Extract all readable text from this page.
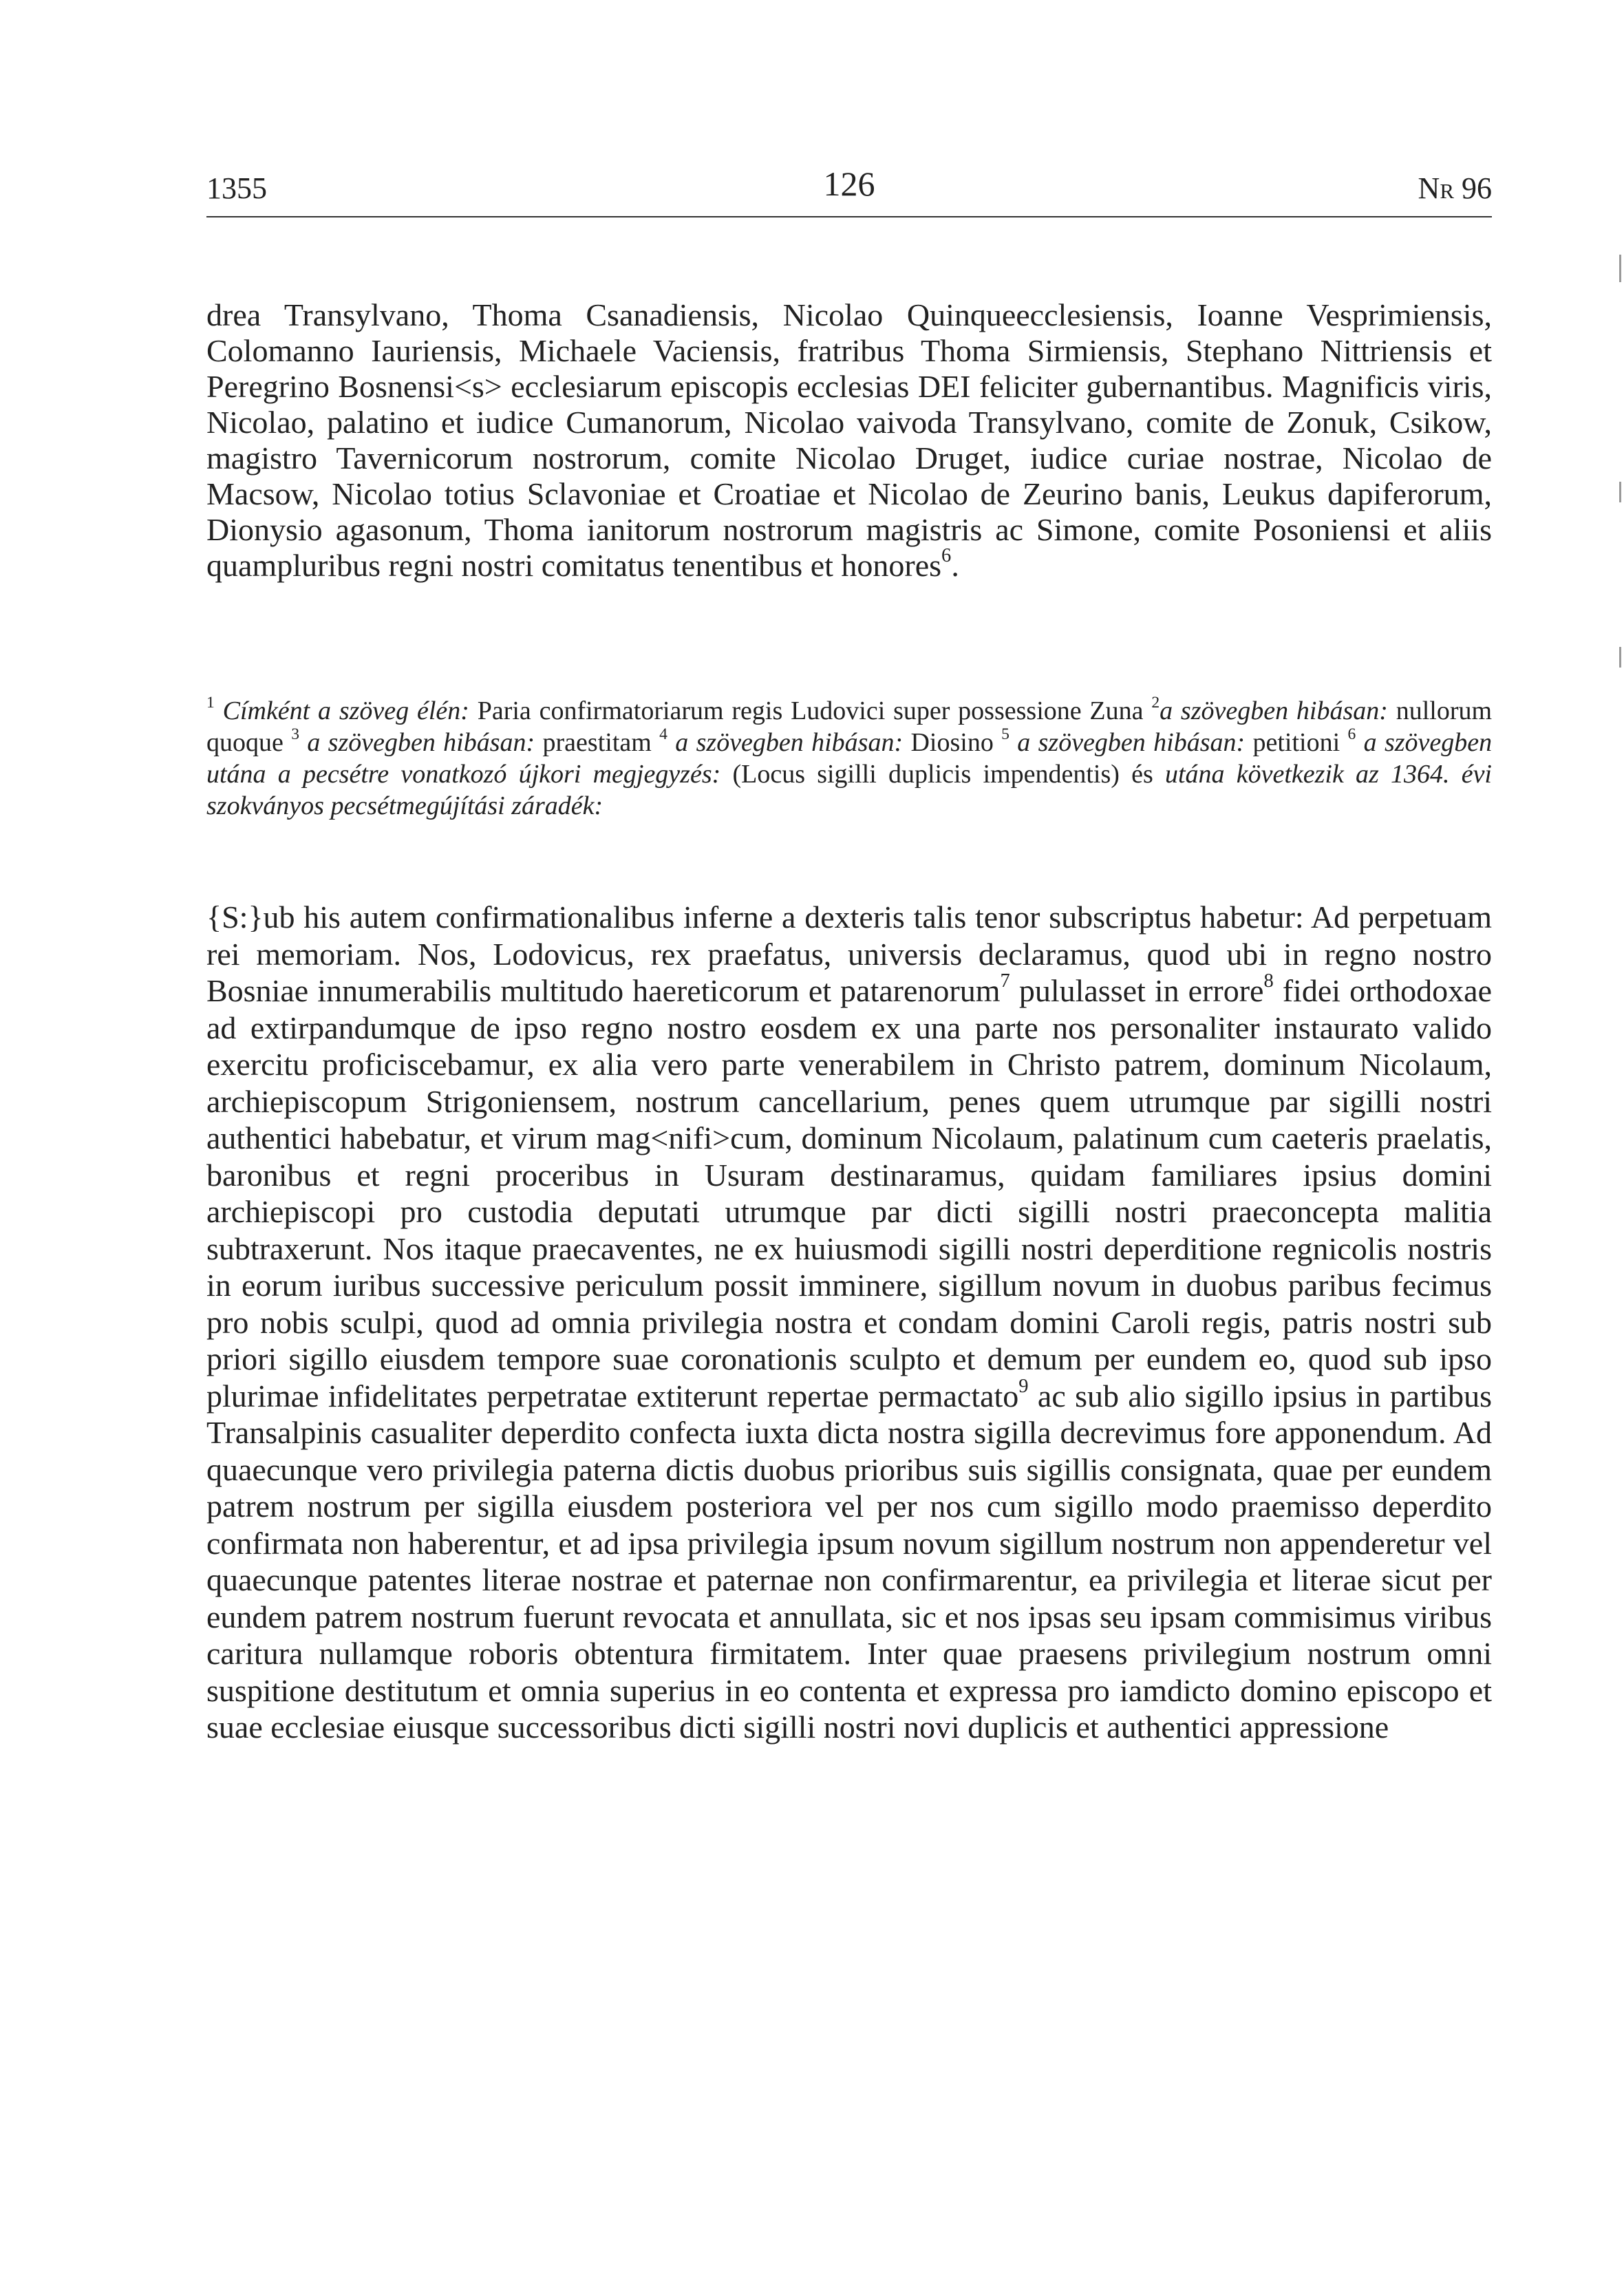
1355	126	Nr 96
drea Transylvano, Thoma Csanadiensis, Nicolao Quinqueecclesiensis, Ioanne Vesprimiensis, Colomanno Iauriensis, Michaele Vaciensis, fratribus Thoma Sirmiensis, Stephano Nittriensis et Peregrino Bosnensi<s> ecclesiarum episcopis ecclesias DEI feliciter gubernantibus. Magnificis viris, Nicolao, palatino et iudice Cumanorum, Nicolao vaivoda Transylvano, comite de Zonuk, Csikow, magistro Tavernicorum nostrorum, comite Nicolao Druget, iudice curiae nostrae, Nicolao de Macsow, Nicolao totius Sclavoniae et Croatiae et Nicolao de Zeurino banis, Leukus dapiferorum, Dionysio agasonum, Thoma ianitorum nostrorum magistris ac Simone, comite Posoniensi et aliis quampluribus regni nostri comitatus tenentibus et honores$^6$.
$^1$ Címként a szöveg élén: Paria confirmatoriarum regis Ludovici super possessione Zuna $^2$a szövegben hibásan: nullorum quoque $^3$ a szövegben hibásan: praestitam $^4$ a szövegben hibásan: Diosino $^5$ a szövegben hibásan: petitioni $^6$ a szövegben utána a pecsétre vonatkozó újkori megjegyzés: (Locus sigilli duplicis impendentis) és utána következik az 1364. évi szokványos pecsétmegújítási záradék:
{S:}ub his autem confirmationalibus inferne a dexteris talis tenor subscriptus habetur: Ad perpetuam rei memoriam. Nos, Lodovicus, rex praefatus, universis declaramus, quod ubi in regno nostro Bosniae innumerabilis multitudo haereticorum et patarenorum$^7$ pululasset in errore$^8$ fidei orthodoxae ad extirpandumque de ipso regno nostro eosdem ex una parte nos personaliter instaurato valido exercitu proficiscebamur, ex alia vero parte venerabilem in Christo patrem, dominum Nicolaum, archiepiscopum Strigoniensem, nostrum cancellarium, penes quem utrumque par sigilli nostri authentici habebatur, et virum mag<nifi>cum, dominum Nicolaum, palatinum cum caeteris praelatis, baronibus et regni proceribus in Usuram destinaramus, quidam familiares ipsius domini archiepiscopi pro custodia deputati utrumque par dicti sigilli nostri praeconcepta malitia subtraxerunt. Nos itaque praecaventes, ne ex huiusmodi sigilli nostri deperditione regnicolis nostris in eorum iuribus successive periculum possit imminere, sigillum novum in duobus paribus fecimus pro nobis sculpi, quod ad omnia privilegia nostra et condam domini Caroli regis, patris nostri sub priori sigillo eiusdem tempore suae coronationis sculpto et demum per eundem eo, quod sub ipso plurimae infidelitates perpetratae extiterunt repertae permactato$^9$ ac sub alio sigillo ipsius in partibus Transalpinis casualiter deperdito confecta iuxta dicta nostra sigilla decrevimus fore apponendum. Ad quaecunque vero privilegia paterna dictis duobus prioribus suis sigillis consignata, quae per eundem patrem nostrum per sigilla eiusdem posteriora vel per nos cum sigillo modo praemisso deperdito confirmata non haberentur, et ad ipsa privilegia ipsum novum sigillum nostrum non appenderetur vel quaecunque patentes literae nostrae et paternae non confirmarentur, ea privilegia et literae sicut per eundem patrem nostrum fuerunt revocata et annullata, sic et nos ipsas seu ipsam commisimus viribus caritura nullamque roboris obtentura firmitatem. Inter quae praesens privilegium nostrum omni suspitione destitutum et omnia superius in eo contenta et expressa pro iamdicto domino episcopo et suae ecclesiae eiusque successoribus dicti sigilli nostri novi duplicis et authentici appressione
